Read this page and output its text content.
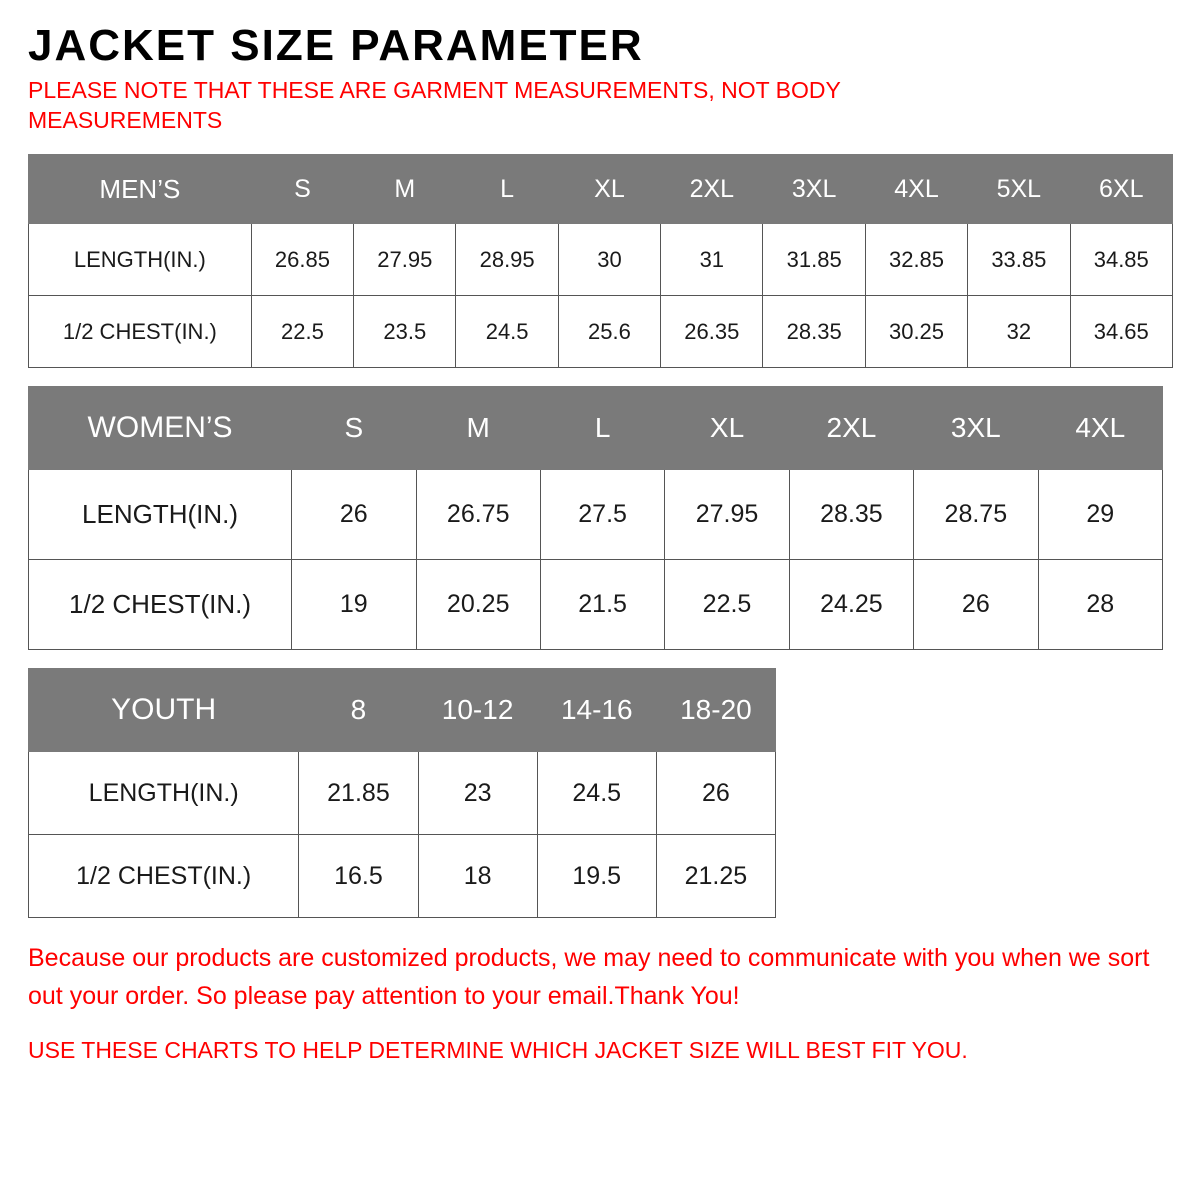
JACKET SIZE PARAMETER

PLEASE NOTE THAT THESE ARE GARMENT MEASUREMENTS, NOT BODY MEASUREMENTS

MEN’S	S	M	L	XL	2XL	3XL	4XL	5XL	6XL
LENGTH(IN.)	26.85	27.95	28.95	30	31	31.85	32.85	33.85	34.85
1/2 CHEST(IN.)	22.5	23.5	24.5	25.6	26.35	28.35	30.25	32	34.65
WOMEN’S	S	M	L	XL	2XL	3XL	4XL
LENGTH(IN.)	26	26.75	27.5	27.95	28.35	28.75	29
1/2 CHEST(IN.)	19	20.25	21.5	22.5	24.25	26	28
YOUTH	8	10-12	14-16	18-20
LENGTH(IN.)	21.85	23	24.5	26
1/2 CHEST(IN.)	16.5	18	19.5	21.25

Because our products are customized products, we may need to communicate with you when we sort out your order. So please pay attention to your email.Thank You!

USE THESE CHARTS TO HELP DETERMINE WHICH JACKET SIZE WILL BEST FIT YOU.
